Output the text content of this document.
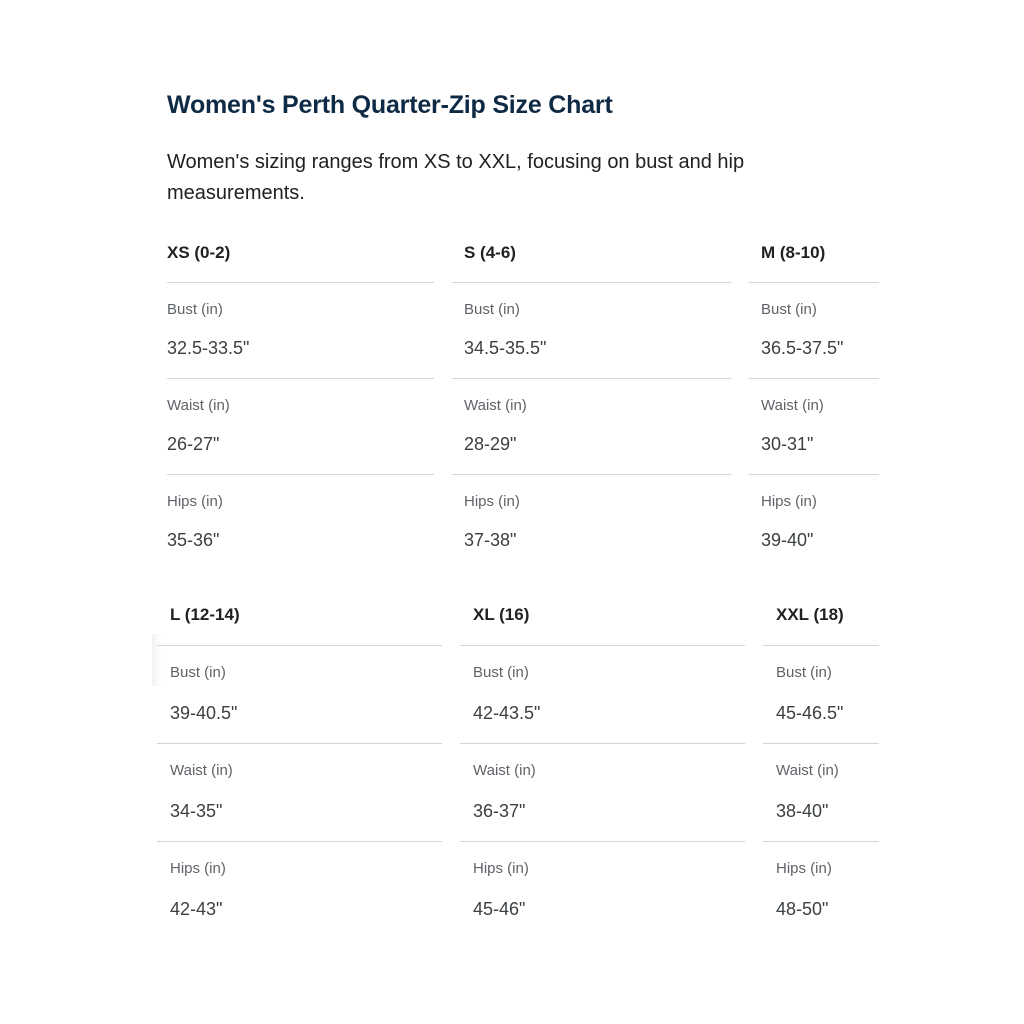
Women's Perth Quarter-Zip Size Chart

Women's sizing ranges from XS to XXL, focusing on bust and hip measurements.

XS (0-2)
Bust (in)
32.5-33.5"
Waist (in)
26-27"
Hips (in)
35-36"
S (4-6)
Bust (in)
34.5-35.5"
Waist (in)
28-29"
Hips (in)
37-38"
M (8-10)
Bust (in)
36.5-37.5"
Waist (in)
30-31"
Hips (in)
39-40"
L (12-14)
Bust (in)
39-40.5"
Waist (in)
34-35"
Hips (in)
42-43"
XL (16)
Bust (in)
42-43.5"
Waist (in)
36-37"
Hips (in)
45-46"
XXL (18)
Bust (in)
45-46.5"
Waist (in)
38-40"
Hips (in)
48-50"
